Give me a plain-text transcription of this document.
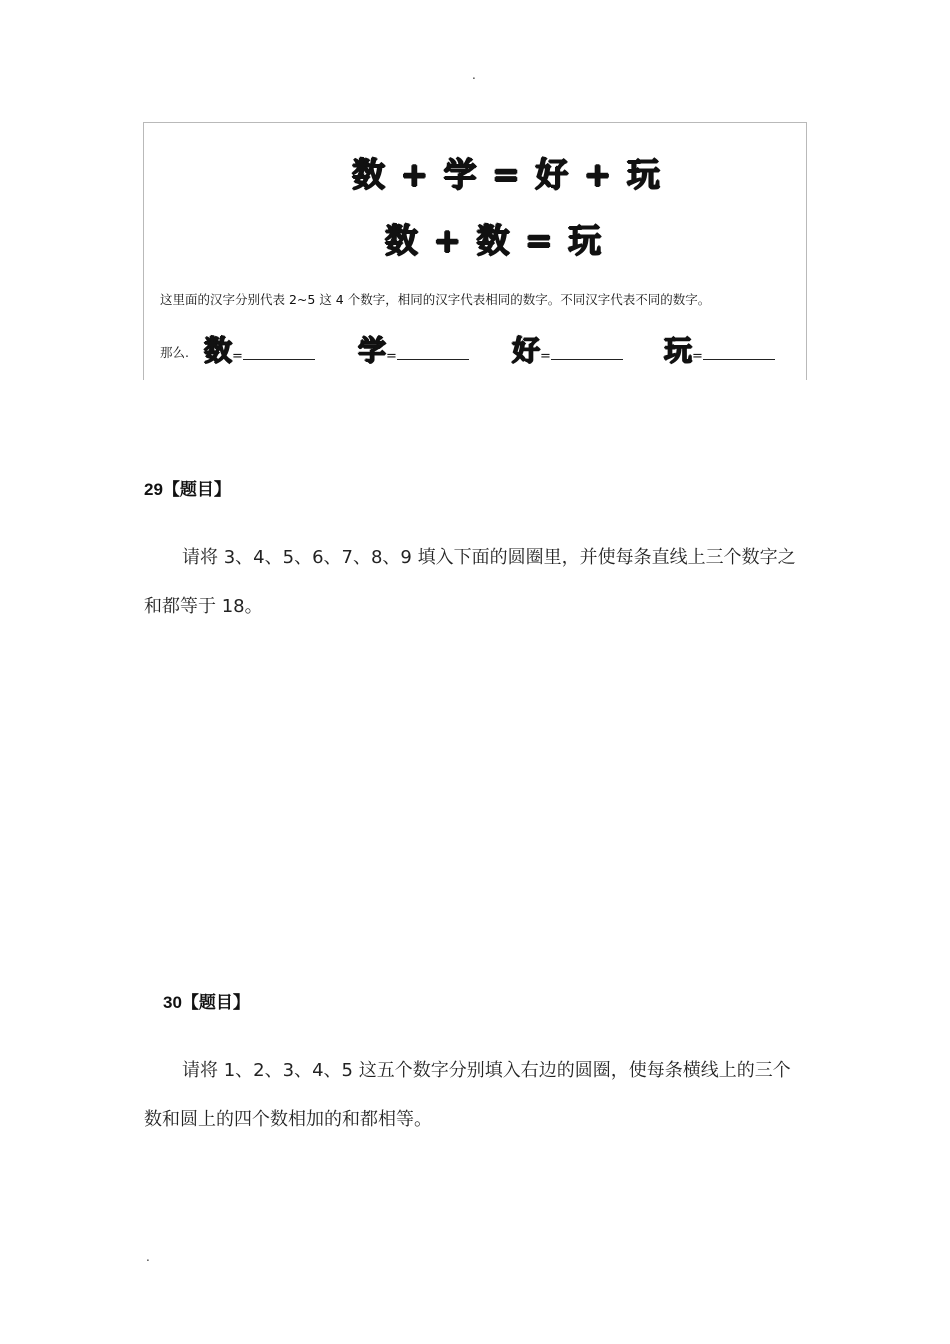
.
数 + 学 = 好 + 玩
数 + 数 = 玩
这里面的汉字分别代表 2~5 这 4 个数字，相同的汉字代表相同的数字。不同汉字代表不同的数字。
那么. 数=	学=	好=	玩=
29【题目】
请将 3、4、5、6、7、8、9 填入下面的圆圈里，并使每条直线上三个数字之和都等于 18。
30【题目】
请将 1、2、3、4、5 这五个数字分别填入右边的圆圈，使每条横线上的三个数和圆上的四个数相加的和都相等。
.
